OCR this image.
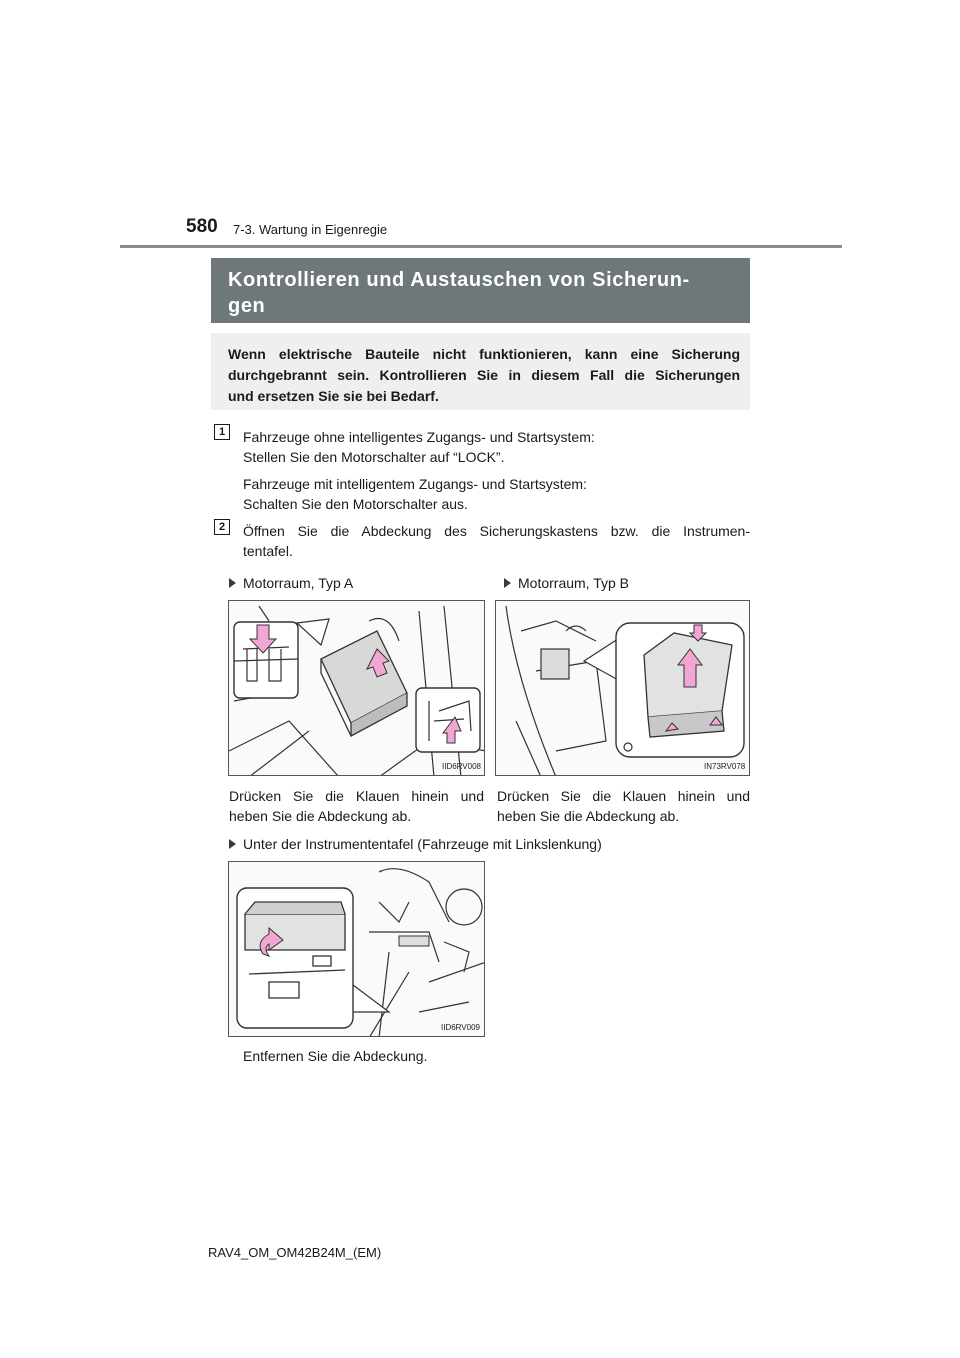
580 7-3. Wartung in Eigenregie
Kontrollieren und Austauschen von Sicherun-
gen
Wenn elektrische Bauteile nicht funktionieren, kann eine Sicherung
durchgebrannt sein. Kontrollieren Sie in diesem Fall die Sicherungen
und ersetzen Sie sie bei Bedarf.
1	Fahrzeuge ohne intelligentes Zugangs- und Startsystem:
Stellen Sie den Motorschalter auf “LOCK”.
Fahrzeuge mit intelligentem Zugangs- und Startsystem:
Schalten Sie den Motorschalter aus.
2	Öffnen Sie die Abdeckung des Sicherungskastens bzw. die Instrumen-
tentafel.
Motorraum, Typ A	Motorraum, Typ B
IID6RV008	IN73RV078
Drücken Sie die Klauen hinein und
heben Sie die Abdeckung ab.
Drücken Sie die Klauen hinein und
heben Sie die Abdeckung ab.
Unter der Instrumententafel (Fahrzeuge mit Linkslenkung)
IID6RV009
Entfernen Sie die Abdeckung.
RAV4_OM_OM42B24M_(EM)
